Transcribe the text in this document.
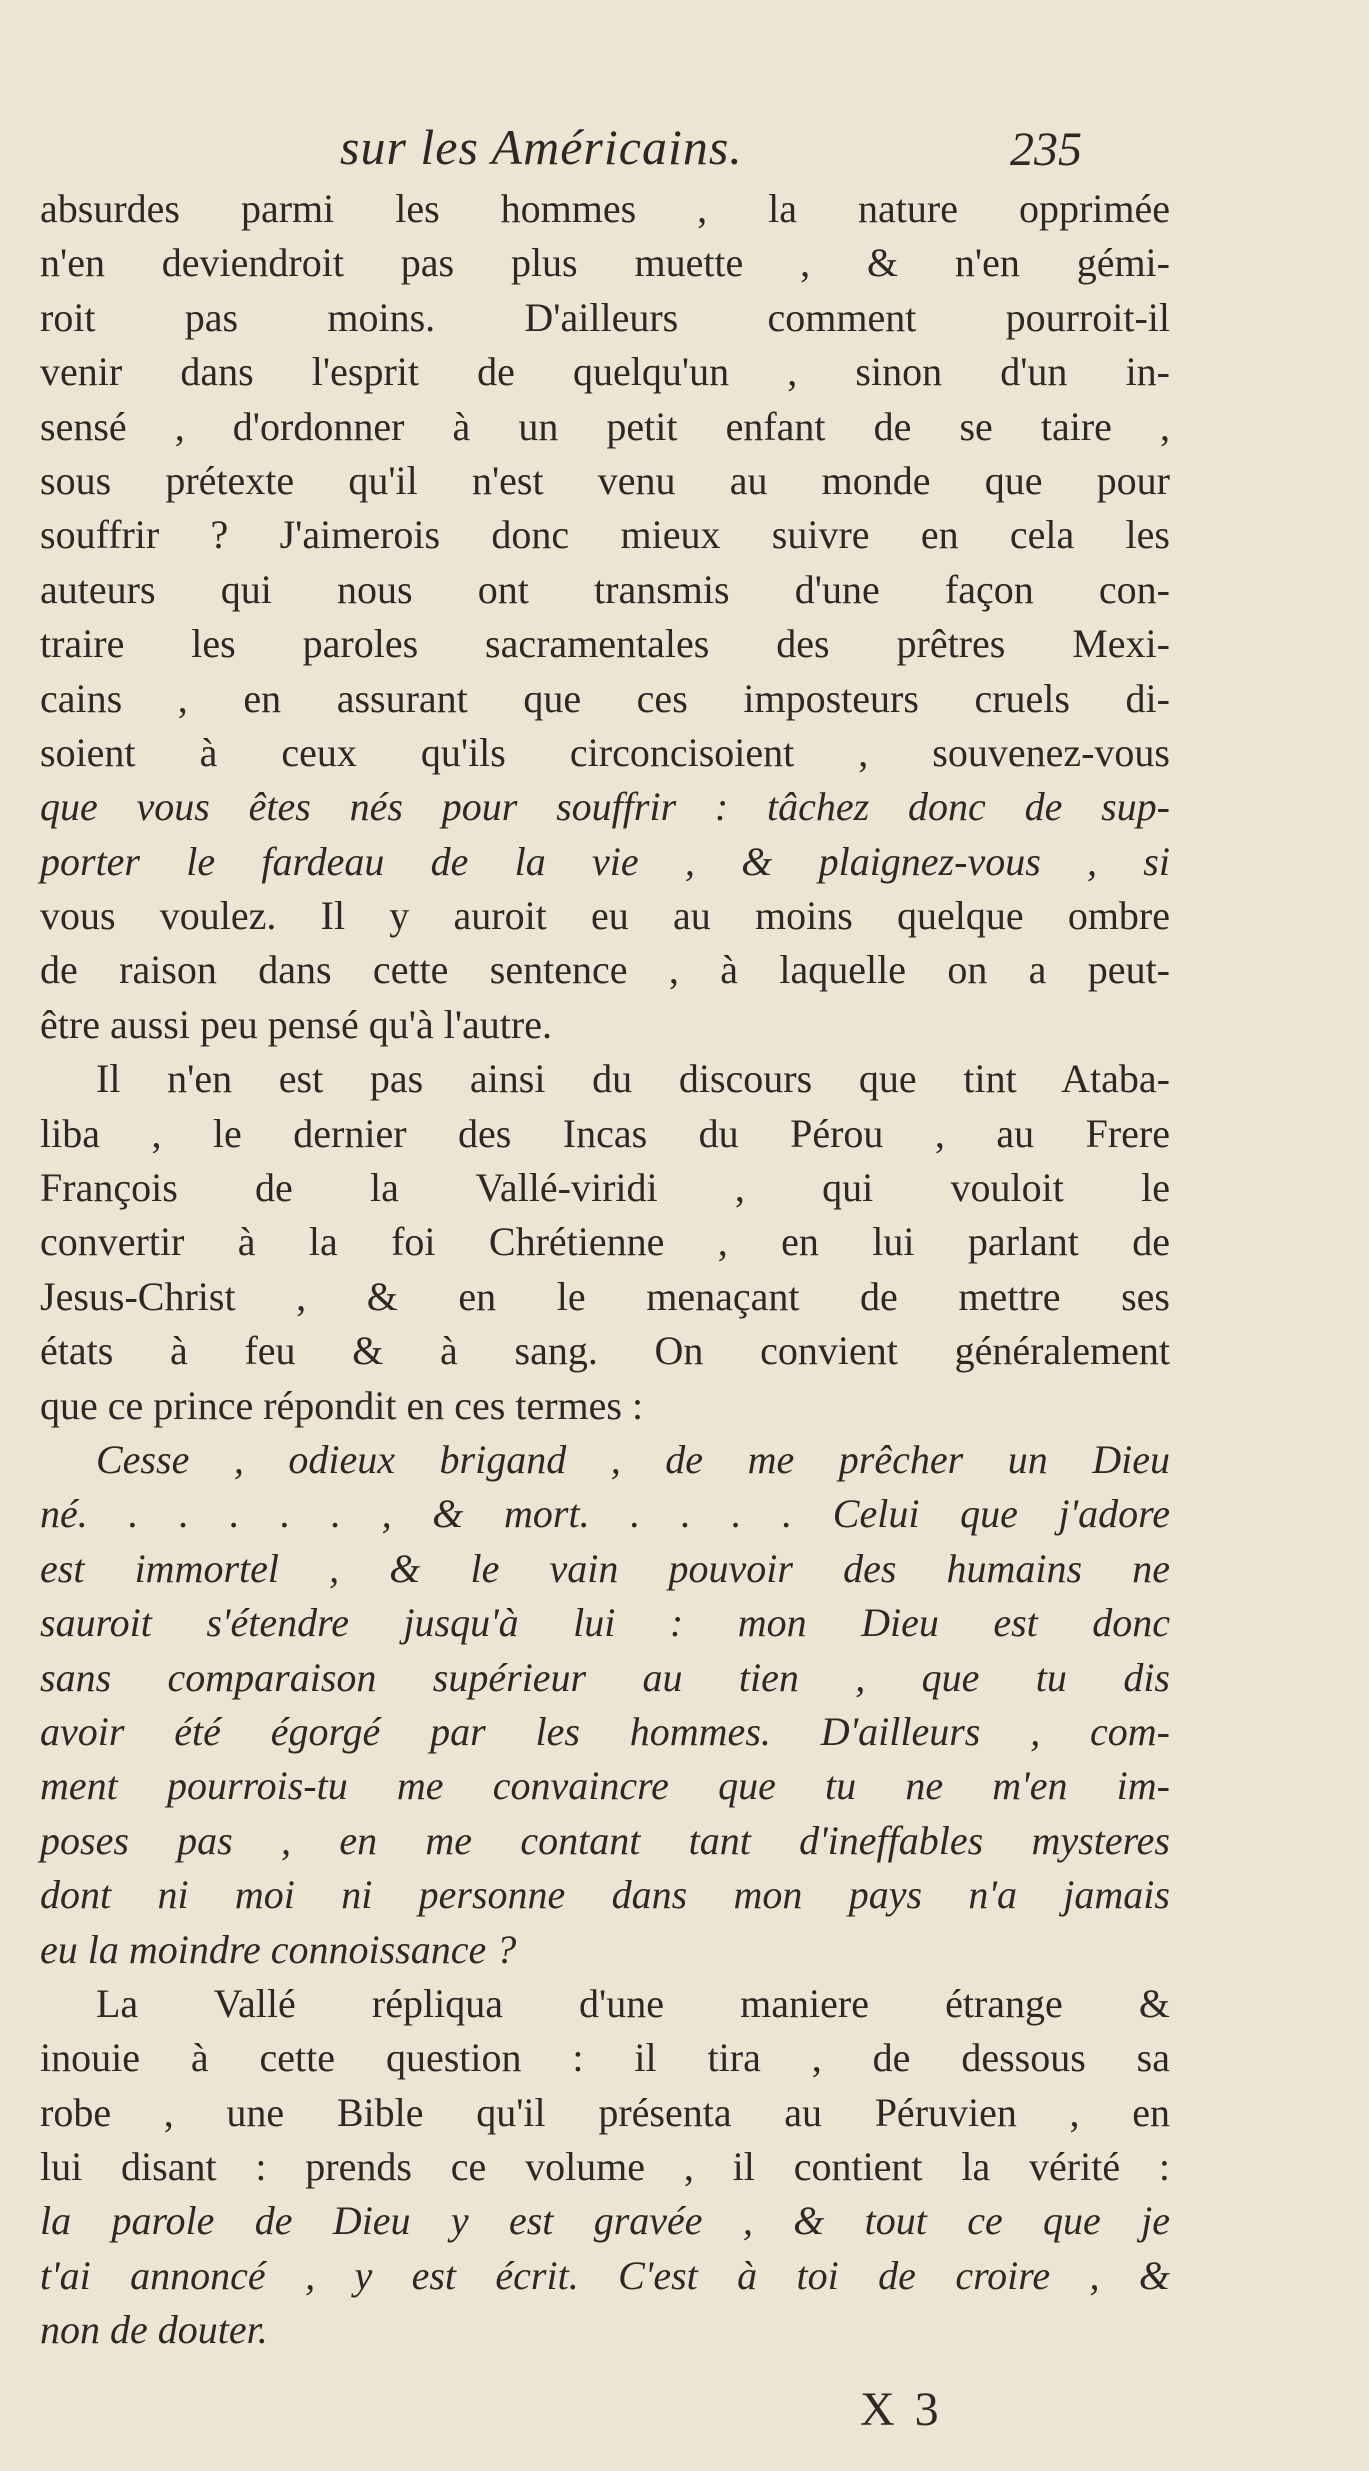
sur les Américains.	235
absurdes parmi les hommes , la nature opprimée
n'en deviendroit pas plus muette , & n'en gémi-
roit pas moins. D'ailleurs comment pourroit-il
venir dans l'esprit de quelqu'un , sinon d'un in-
sensé , d'ordonner à un petit enfant de se taire ,
sous prétexte qu'il n'est venu au monde que pour
souffrir ? J'aimerois donc mieux suivre en cela les
auteurs qui nous ont transmis d'une façon con-
traire les paroles sacramentales des prêtres Mexi-
cains , en assurant que ces imposteurs cruels di-
soient à ceux qu'ils circoncisoient , souvenez-vous
que vous êtes nés pour souffrir : tâchez donc de sup-
porter le fardeau de la vie , & plaignez-vous , si
vous voulez. Il y auroit eu au moins quelque ombre
de raison dans cette sentence , à laquelle on a peut-
être aussi peu pensé qu'à l'autre.
Il n'en est pas ainsi du discours que tint Ataba-
liba , le dernier des Incas du Pérou , au Frere
François de la Vallé-viridi , qui vouloit le
convertir à la foi Chrétienne , en lui parlant de
Jesus-Christ , & en le menaçant de mettre ses
états à feu & à sang. On convient généralement
que ce prince répondit en ces termes :
Cesse , odieux brigand , de me prêcher un Dieu
né. . . . . . , & mort. . . . . Celui que j'adore
est immortel , & le vain pouvoir des humains ne
sauroit s'étendre jusqu'à lui : mon Dieu est donc
sans comparaison supérieur au tien , que tu dis
avoir été égorgé par les hommes. D'ailleurs , com-
ment pourrois-tu me convaincre que tu ne m'en im-
poses pas , en me contant tant d'ineffables mysteres
dont ni moi ni personne dans mon pays n'a jamais
eu la moindre connoissance ?
La Vallé répliqua d'une maniere étrange &
inouie à cette question : il tira , de dessous sa
robe , une Bible qu'il présenta au Péruvien , en
lui disant : prends ce volume , il contient la vérité :
la parole de Dieu y est gravée , & tout ce que je
t'ai annoncé , y est écrit. C'est à toi de croire , &
non de douter.
X 3
